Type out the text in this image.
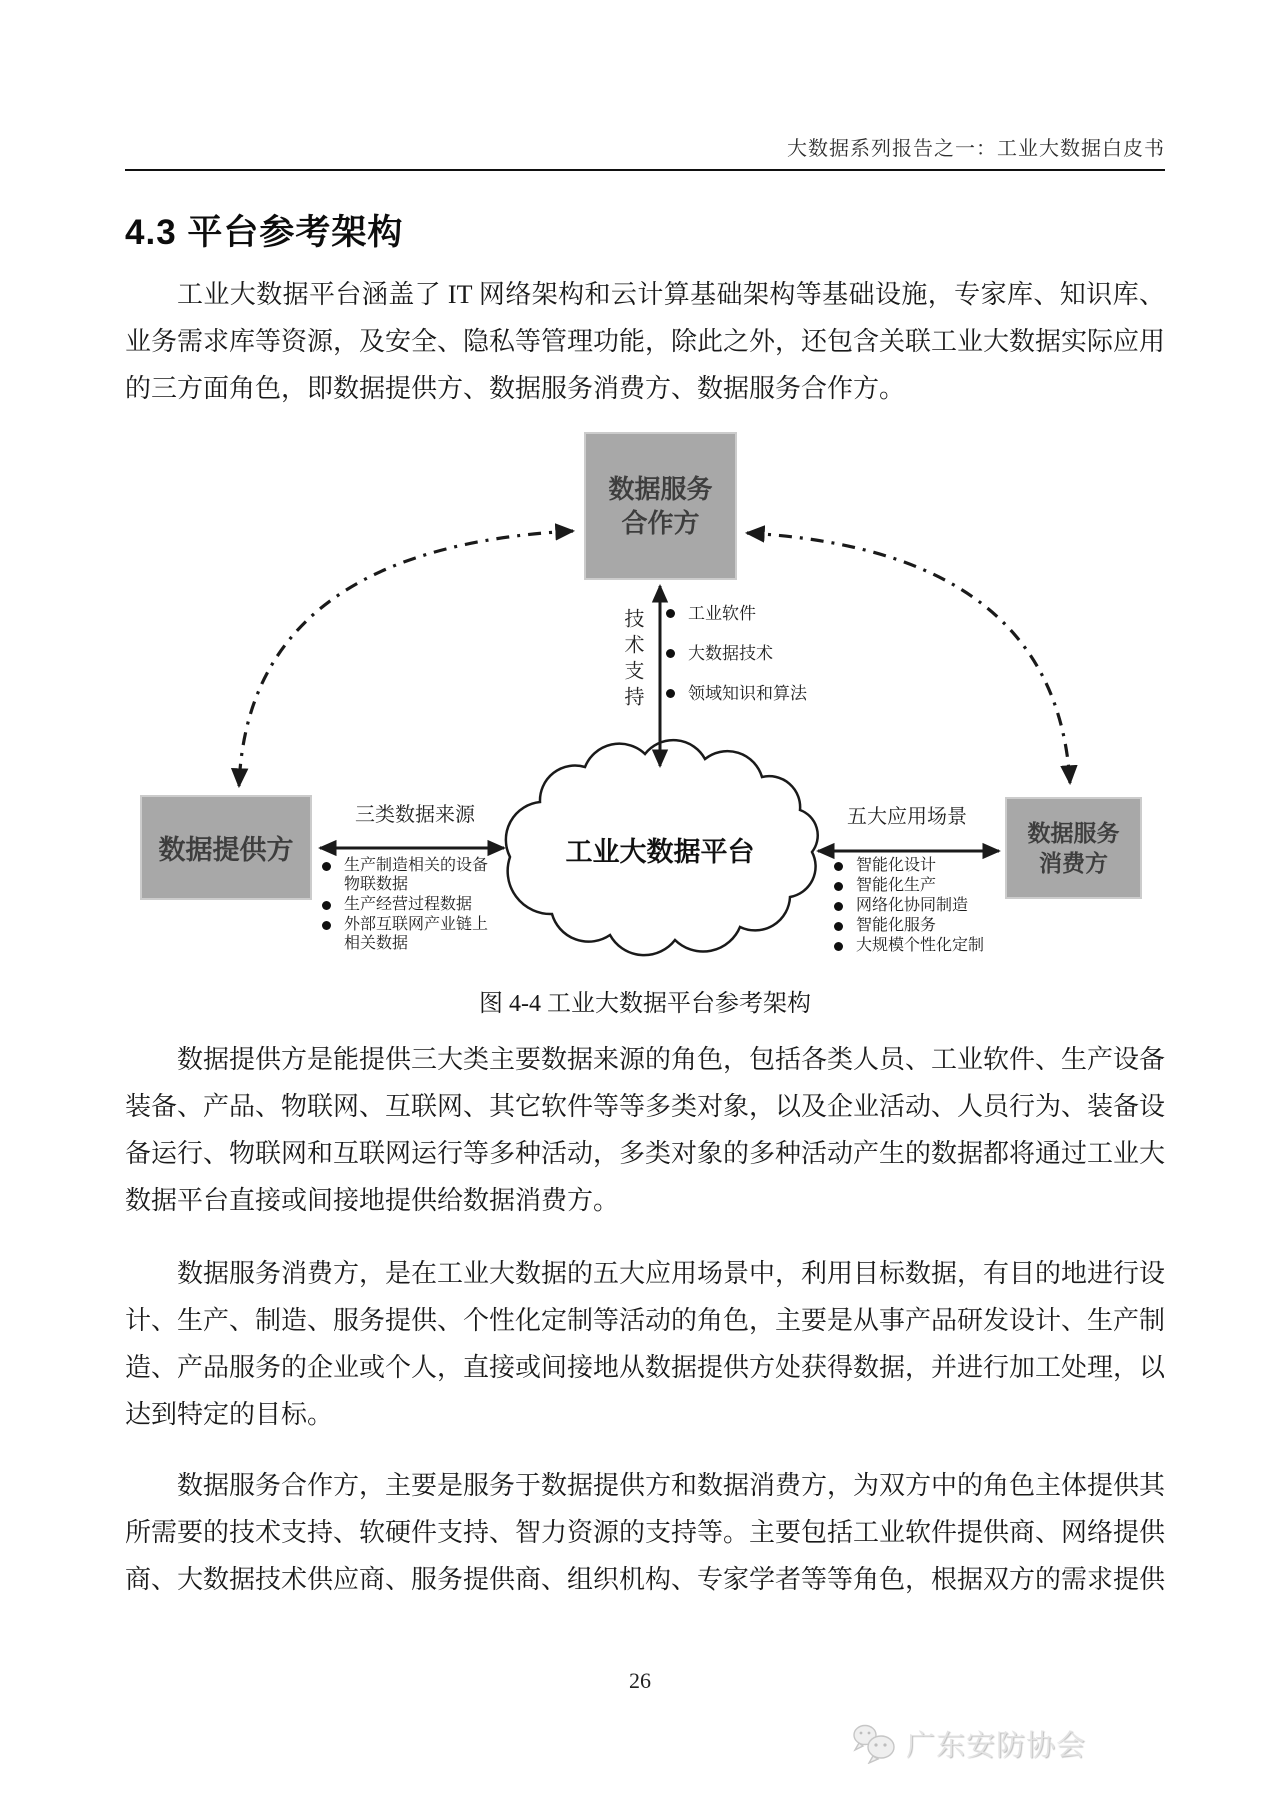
大数据系列报告之一：工业大数据白皮书
4.3 平台参考架构

工业大数据平台涵盖了 IT 网络架构和云计算基础架构等基础设施，专家库、知识库、业务需求库等资源，及安全、隐私等管理功能，除此之外，还包含关联工业大数据实际应用的三方面角色，即数据提供方、数据服务消费方、数据服务合作方。

数据服务
合作方
技术支持	工业软件
大数据技术
领域知识和算法
工业大数据平台
数据提供方
数据服务
消费方
三类数据来源	五大应用场景
生产制造相关的设备物联数据
生产经营过程数据
外部互联网产业链上相关数据
智能化设计
智能化生产
网络化协同制造
智能化服务
大规模个性化定制
图 4-4 工业大数据平台参考架构

数据提供方是能提供三大类主要数据来源的角色，包括各类人员、工业软件、生产设备装备、产品、物联网、互联网、其它软件等等多类对象，以及企业活动、人员行为、装备设备运行、物联网和互联网运行等多种活动，多类对象的多种活动产生的数据都将通过工业大数据平台直接或间接地提供给数据消费方。

数据服务消费方，是在工业大数据的五大应用场景中，利用目标数据，有目的地进行设计、生产、制造、服务提供、个性化定制等活动的角色，主要是从事产品研发设计、生产制造、产品服务的企业或个人，直接或间接地从数据提供方处获得数据，并进行加工处理，以达到特定的目标。

数据服务合作方，主要是服务于数据提供方和数据消费方，为双方中的角色主体提供其所需要的技术支持、软硬件支持、智力资源的支持等。主要包括工业软件提供商、网络提供商、大数据技术供应商、服务提供商、组织机构、专家学者等等角色，根据双方的需求提供

26
广东安防协会
